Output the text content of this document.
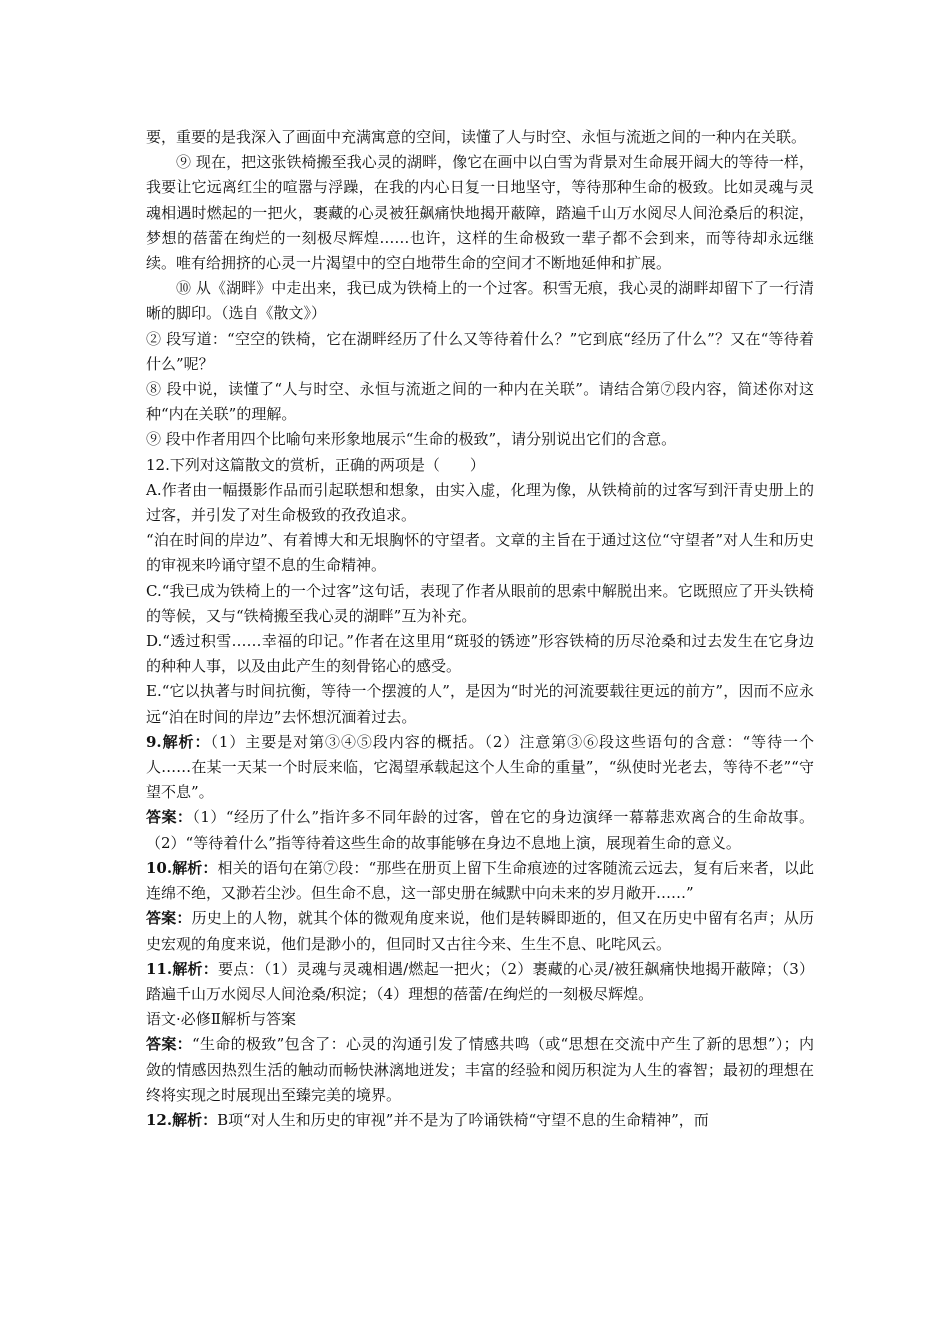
要，重要的是我深入了画面中充满寓意的空间，读懂了人与时空、永恒与流逝之间的一种内在关联。

⑨ 现在，把这张铁椅搬至我心灵的湖畔，像它在画中以白雪为背景对生命展开阔大的等待一样，我要让它远离红尘的喧嚣与浮躁，在我的内心日复一日地坚守，等待那种生命的极致。比如灵魂与灵魂相遇时燃起的一把火，裹藏的心灵被狂飙痛快地揭开蔽障，踏遍千山万水阅尽人间沧桑后的积淀，梦想的蓓蕾在绚烂的一刻极尽辉煌……也许，这样的生命极致一辈子都不会到来，而等待却永远继续。唯有给拥挤的心灵一片渴望中的空白地带生命的空间才不断地延伸和扩展。

⑩ 从《湖畔》中走出来，我已成为铁椅上的一个过客。积雪无痕，我心灵的湖畔却留下了一行清晰的脚印。（选自《散文》）

② 段写道：“空空的铁椅，它在湖畔经历了什么又等待着什么？”它到底“经历了什么”？又在“等待着什么”呢？

⑧ 段中说，读懂了“人与时空、永恒与流逝之间的一种内在关联”。请结合第⑦段内容，简述你对这种“内在关联”的理解。

⑨ 段中作者用四个比喻句来形象地展示“生命的极致”，请分别说出它们的含意。

12.下列对这篇散文的赏析，正确的两项是（　　）

A.作者由一幅摄影作品而引起联想和想象，由实入虚，化理为像，从铁椅前的过客写到汗青史册上的过客，并引发了对生命极致的孜孜追求。

“泊在时间的岸边”、有着博大和无垠胸怀的守望者。文章的主旨在于通过这位“守望者”对人生和历史的审视来吟诵守望不息的生命精神。

C.“我已成为铁椅上的一个过客”这句话，表现了作者从眼前的思索中解脱出来。它既照应了开头铁椅的等候，又与“铁椅搬至我心灵的湖畔”互为补充。

D.“透过积雪……幸福的印记。”作者在这里用“斑驳的锈迹”形容铁椅的历尽沧桑和过去发生在它身边的种种人事，以及由此产生的刻骨铭心的感受。

E.“它以执著与时间抗衡，等待一个摆渡的人”，是因为“时光的河流要载往更远的前方”，因而不应永远“泊在时间的岸边”去怀想沉湎着过去。

9.解析：（1）主要是对第③④⑤段内容的概括。（2）注意第③⑥段这些语句的含意：“等待一个人……在某一天某一个时辰来临，它渴望承载起这个人生命的重量”，“纵使时光老去，等待不老”“守望不息”。

答案：（1）“经历了什么”指许多不同年龄的过客，曾在它的身边演绎一幕幕悲欢离合的生命故事。（2）“等待着什么”指等待着这些生命的故事能够在身边不息地上演，展现着生命的意义。

10.解析：相关的语句在第⑦段：“那些在册页上留下生命痕迹的过客随流云远去，复有后来者，以此连绵不绝，又渺若尘沙。但生命不息，这一部史册在缄默中向未来的岁月敞开……”

答案：历史上的人物，就其个体的微观角度来说，他们是转瞬即逝的，但又在历史中留有名声；从历史宏观的角度来说，他们是渺小的，但同时又古往今来、生生不息、叱咤风云。

11.解析：要点：（1）灵魂与灵魂相遇/燃起一把火；（2）裹藏的心灵/被狂飙痛快地揭开蔽障；（3）踏遍千山万水阅尽人间沧桑/积淀；（4）理想的蓓蕾/在绚烂的一刻极尽辉煌。

语文·必修Ⅱ解析与答案

答案：“生命的极致”包含了：心灵的沟通引发了情感共鸣（或“思想在交流中产生了新的思想”）；内敛的情感因热烈生活的触动而畅快淋漓地迸发；丰富的经验和阅历积淀为人生的睿智；最初的理想在终将实现之时展现出至臻完美的境界。

12.解析：B项“对人生和历史的审视”并不是为了吟诵铁椅“守望不息的生命精神”，而
